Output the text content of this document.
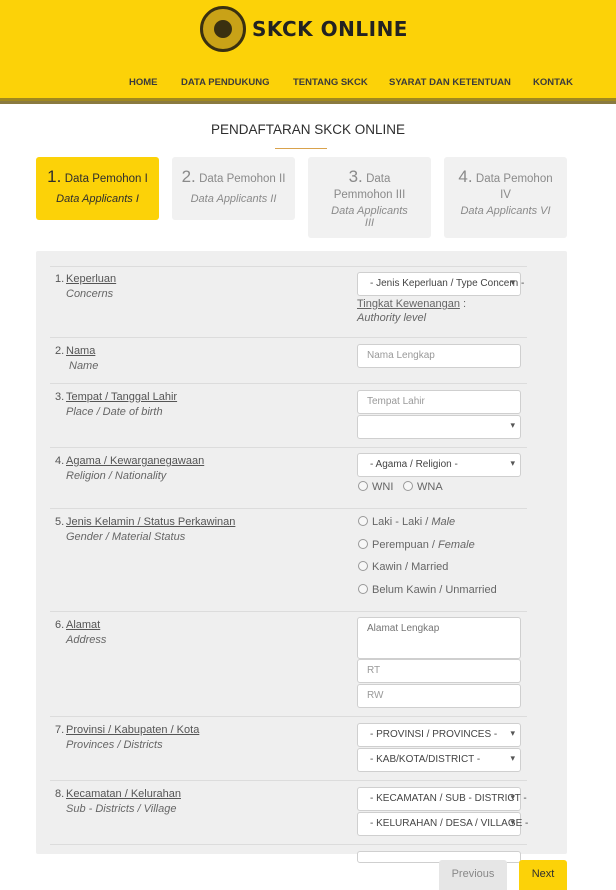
SKCK ONLINE
HOME DATA PENDUKUNG TENTANG SKCK SYARAT DAN KETENTUAN KONTAK
PENDAFTARAN SKCK ONLINE
1. Data Pemohon I
Data Applicants I
2. Data Pemohon II
Data Applicants II
3. Data Pemmohon III
Data Applicants III
4. Data Pemohon IV
Data Applicants VI
1. Keperluan
Concerns
- Jenis Keperluan / Type Concern -
▾
Tingkat Kewenangan :
Authority level
2. Nama
Name
Nama Lengkap
3. Tempat / Tanggal Lahir
Place / Date of birth
Tempat Lahir
▾
4. Agama / Kewarganegawaan
Religion / Nationality
- Agama / Religion -
▾
WNI	WNA
5. Jenis Kelamin / Status Perkawinan
Gender / Material Status
Laki - Laki / Male
Perempuan / Female
Kawin / Married
Belum Kawin / Unmarried
6. Alamat
Address
Alamat Lengkap
RT
RW
7. Provinsi / Kabupaten / Kota
Provinces / Districts
- PROVINSI / PROVINCES -
▾
- KAB/KOTA/DISTRICT -
▾
8. Kecamatan / Kelurahan
Sub - Districts / Village
- KECAMATAN / SUB - DISTRICT -
▾
- KELURAHAN / DESA / VILLAGE -
▾
Previous	Next
